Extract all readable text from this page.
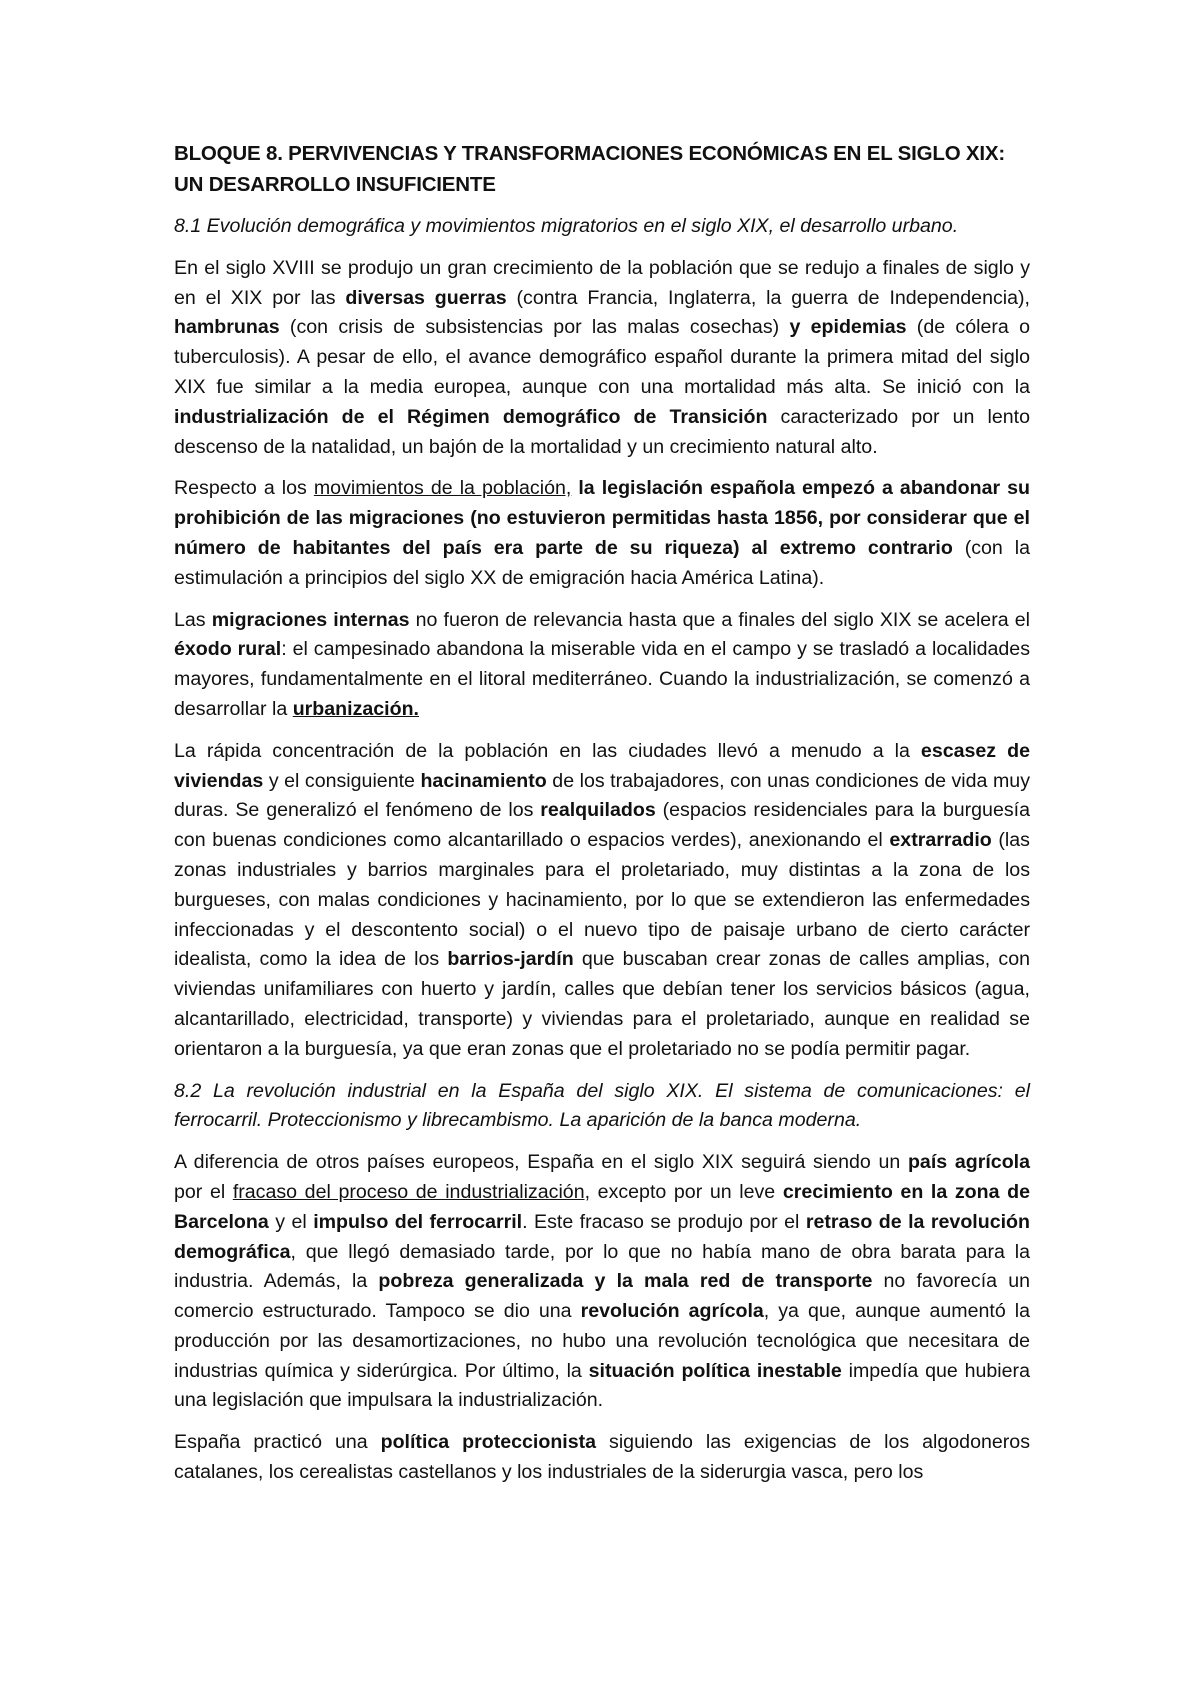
BLOQUE 8. PERVIVENCIAS Y TRANSFORMACIONES ECONÓMICAS EN EL SIGLO XIX: UN DESARROLLO INSUFICIENTE
8.1 Evolución demográfica y movimientos migratorios en el siglo XIX, el desarrollo urbano.

En el siglo XVIII se produjo un gran crecimiento de la población que se redujo a finales de siglo y en el XIX por las diversas guerras (contra Francia, Inglaterra, la guerra de Independencia), hambrunas (con crisis de subsistencias por las malas cosechas) y epidemias (de cólera o tuberculosis). A pesar de ello, el avance demográfico español durante la primera mitad del siglo XIX fue similar a la media europea, aunque con una mortalidad más alta. Se inició con la industrialización de el Régimen demográfico de Transición caracterizado por un lento descenso de la natalidad, un bajón de la mortalidad y un crecimiento natural alto.

Respecto a los movimientos de la población, la legislación española empezó a abandonar su prohibición de las migraciones (no estuvieron permitidas hasta 1856, por considerar que el número de habitantes del país era parte de su riqueza) al extremo contrario (con la estimulación a principios del siglo XX de emigración hacia América Latina).

Las migraciones internas no fueron de relevancia hasta que a finales del siglo XIX se acelera el éxodo rural: el campesinado abandona la miserable vida en el campo y se trasladó a localidades mayores, fundamentalmente en el litoral mediterráneo. Cuando la industrialización, se comenzó a desarrollar la urbanización.

La rápida concentración de la población en las ciudades llevó a menudo a la escasez de viviendas y el consiguiente hacinamiento de los trabajadores, con unas condiciones de vida muy duras. Se generalizó el fenómeno de los realquilados (espacios residenciales para la burguesía con buenas condiciones como alcantarillado o espacios verdes), anexionando el extrarradio (las zonas industriales y barrios marginales para el proletariado, muy distintas a la zona de los burgueses, con malas condiciones y hacinamiento, por lo que se extendieron las enfermedades infeccionadas y el descontento social) o el nuevo tipo de paisaje urbano de cierto carácter idealista, como la idea de los barrios-jardín que buscaban crear zonas de calles amplias, con viviendas unifamiliares con huerto y jardín, calles que debían tener los servicios básicos (agua, alcantarillado, electricidad, transporte) y viviendas para el proletariado, aunque en realidad se orientaron a la burguesía, ya que eran zonas que el proletariado no se podía permitir pagar.

8.2 La revolución industrial en la España del siglo XIX. El sistema de comunicaciones: el ferrocarril. Proteccionismo y librecambismo. La aparición de la banca moderna.

A diferencia de otros países europeos, España en el siglo XIX seguirá siendo un país agrícola por el fracaso del proceso de industrialización, excepto por un leve crecimiento en la zona de Barcelona y el impulso del ferrocarril. Este fracaso se produjo por el retraso de la revolución demográfica, que llegó demasiado tarde, por lo que no había mano de obra barata para la industria. Además, la pobreza generalizada y la mala red de transporte no favorecía un comercio estructurado. Tampoco se dio una revolución agrícola, ya que, aunque aumentó la producción por las desamortizaciones, no hubo una revolución tecnológica que necesitara de industrias química y siderúrgica. Por último, la situación política inestable impedía que hubiera una legislación que impulsara la industrialización.

España practicó una política proteccionista siguiendo las exigencias de los algodoneros catalanes, los cerealistas castellanos y los industriales de la siderurgia vasca, pero los
